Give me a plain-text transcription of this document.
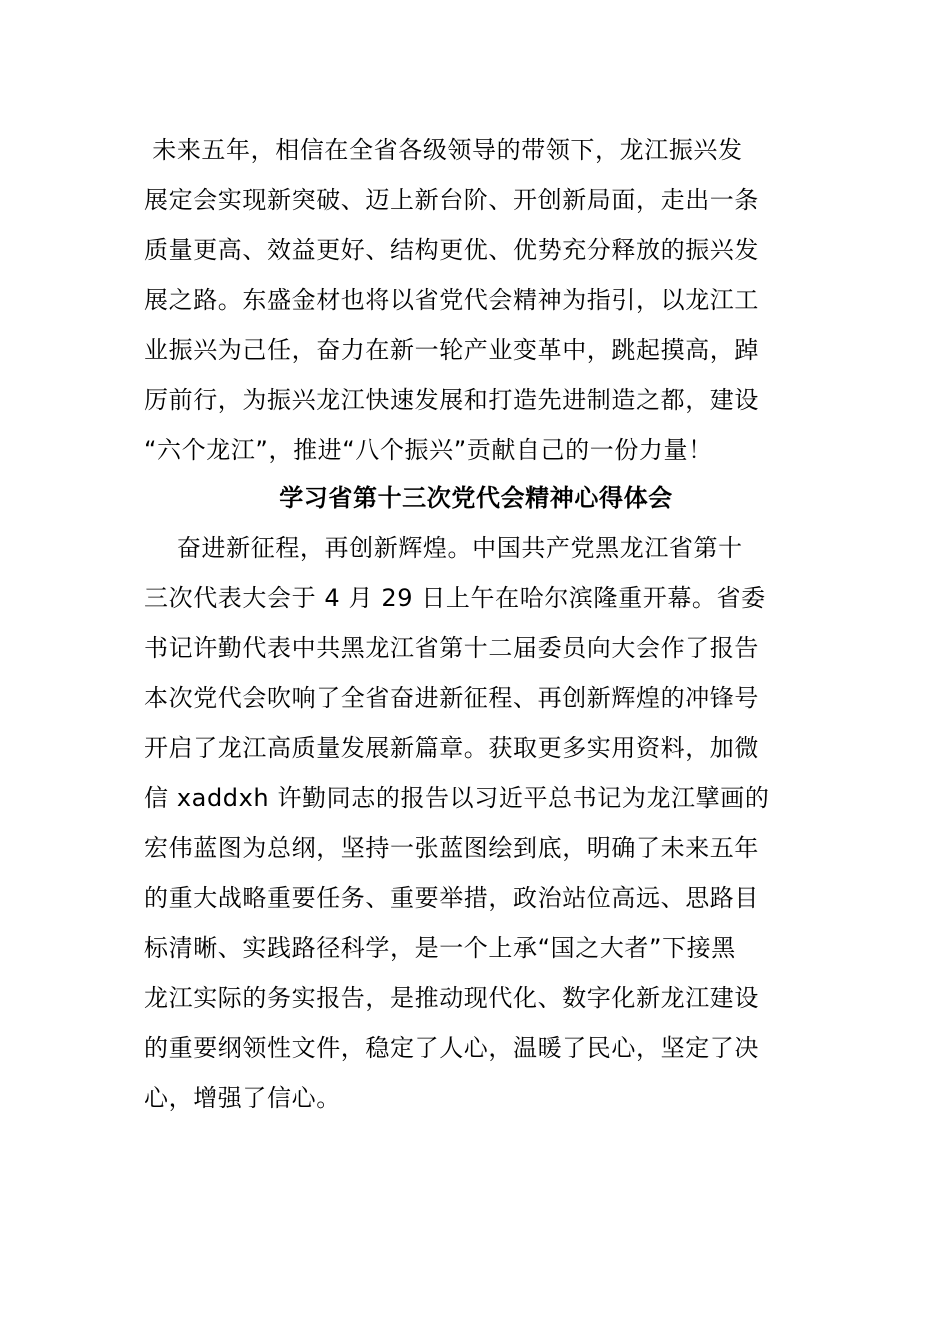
未来五年，相信在全省各级领导的带领下，龙江振兴发
展定会实现新突破、迈上新台阶、开创新局面，走出一条
质量更高、效益更好、结构更优、优势充分释放的振兴发
展之路。东盛金材也将以省党代会精神为指引，以龙江工
业振兴为己任，奋力在新一轮产业变革中，跳起摸高，踔
厉前行，为振兴龙江快速发展和打造先进制造之都，建设
“六个龙江”，推进“八个振兴”贡献自己的一份力量！
学习省第十三次党代会精神心得体会
奋进新征程，再创新辉煌。中国共产党黑龙江省第十
三次代表大会于 4 月 29 日上午在哈尔滨隆重开幕。省委
书记许勤代表中共黑龙江省第十二届委员向大会作了报告
本次党代会吹响了全省奋进新征程、再创新辉煌的冲锋号
开启了龙江高质量发展新篇章。获取更多实用资料，加微
信 xaddxh 许勤同志的报告以习近平总书记为龙江擘画的
宏伟蓝图为总纲，坚持一张蓝图绘到底，明确了未来五年
的重大战略重要任务、重要举措，政治站位高远、思路目
标清晰、实践路径科学，是一个上承“国之大者”下接黑
龙江实际的务实报告，是推动现代化、数字化新龙江建设
的重要纲领性文件，稳定了人心，温暖了民心，坚定了决
心，增强了信心。
